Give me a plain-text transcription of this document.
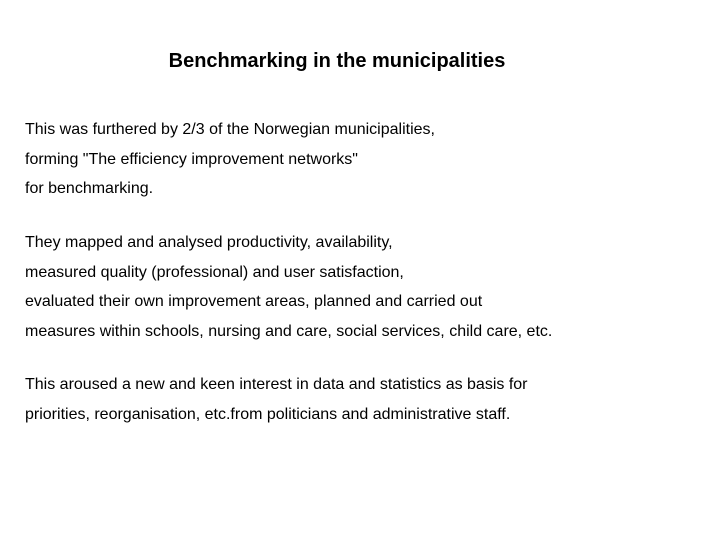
Benchmarking in the municipalities
This was furthered by 2/3 of the Norwegian municipalities,
forming "The efficiency improvement networks"
for benchmarking.
They mapped and analysed productivity, availability,
measured quality (professional) and user satisfaction,
evaluated their own improvement areas, planned and carried out
measures within schools, nursing and care, social services, child care, etc.
This aroused a new and keen interest in data and statistics as basis for
priorities, reorganisation, etc.from politicians and administrative staff.
